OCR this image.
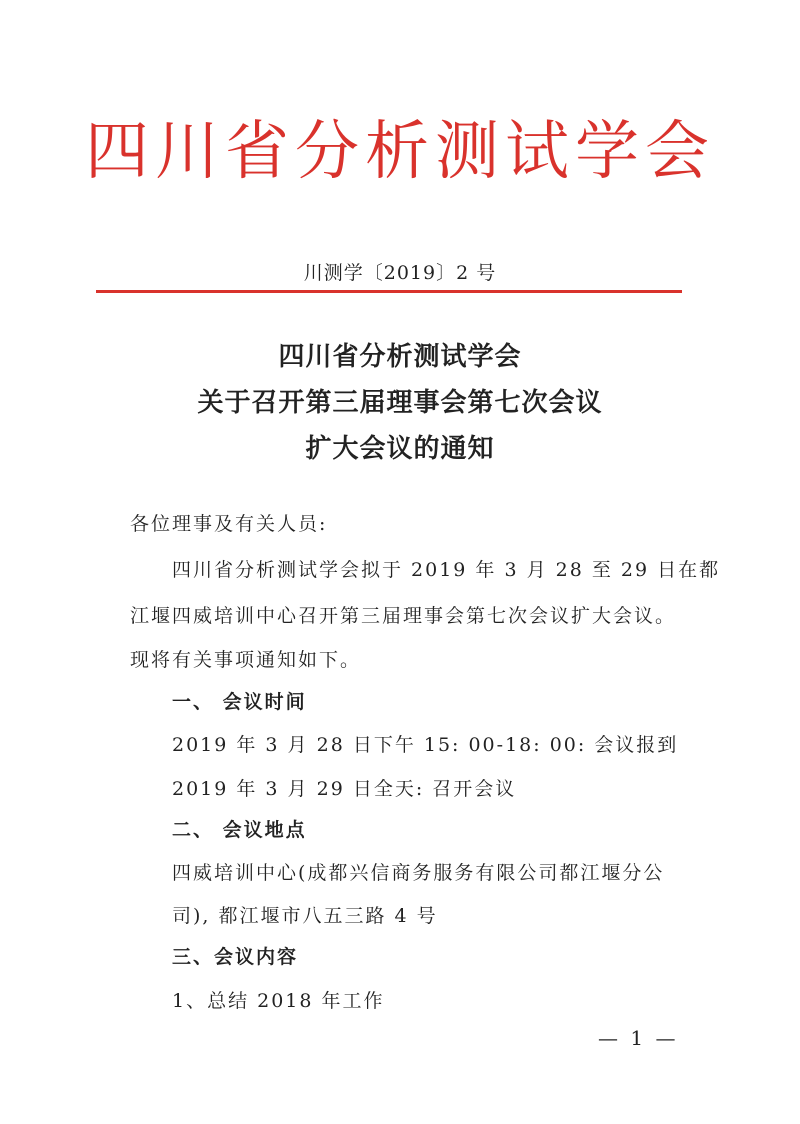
四川省分析测试学会
川测学〔2019〕2 号
四川省分析测试学会
关于召开第三届理事会第七次会议
扩大会议的通知
各位理事及有关人员:
四川省分析测试学会拟于 2019 年 3 月 28 至 29 日在都
江堰四威培训中心召开第三届理事会第七次会议扩大会议。
现将有关事项通知如下。
一、 会议时间
2019 年 3 月 28 日下午 15: 00-18: 00: 会议报到
2019 年 3 月 29 日全天: 召开会议
二、 会议地点
四威培训中心(成都兴信商务服务有限公司都江堰分公
司), 都江堰市八五三路 4 号
三、会议内容
1、总结 2018 年工作
— 1 —
